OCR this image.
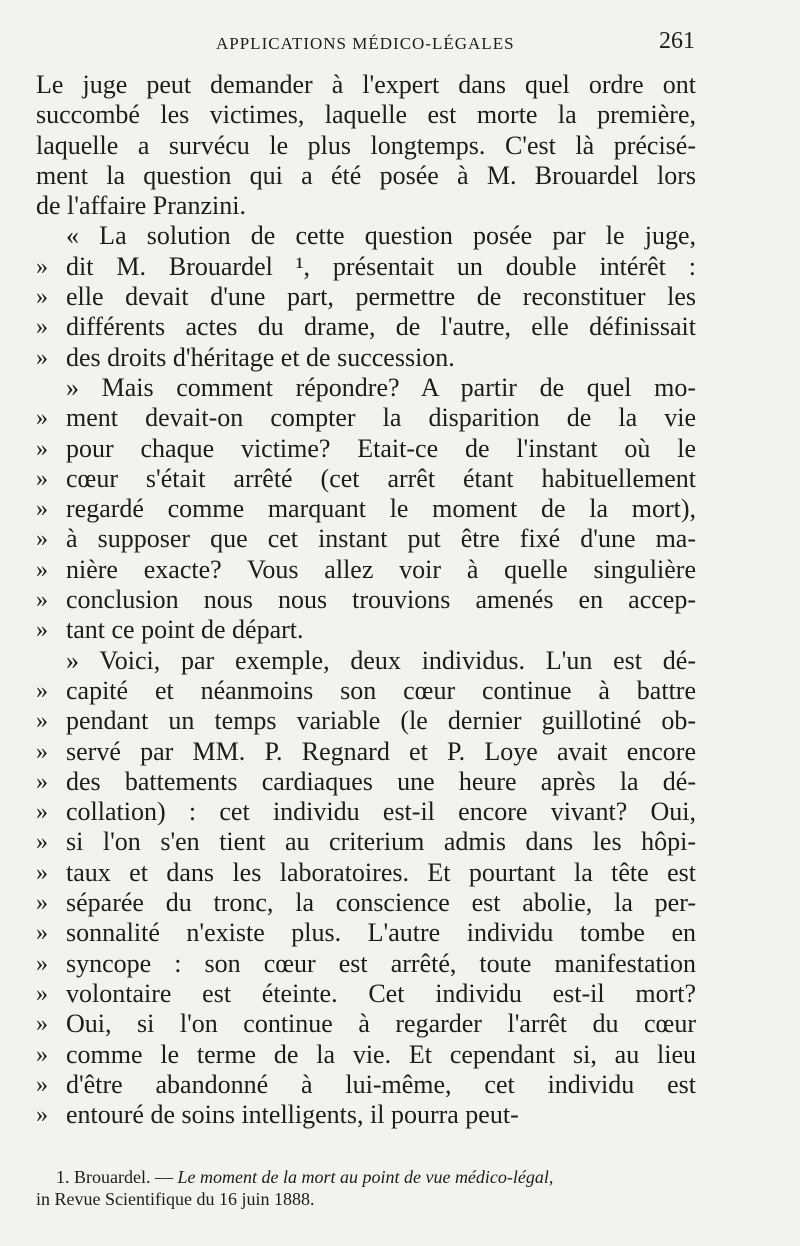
APPLICATIONS MÉDICO-LÉGALES	261
Le juge peut demander à l'expert dans quel ordre ont
succombé les victimes, laquelle est morte la première,
laquelle a survécu le plus longtemps. C'est là précisé-
ment la question qui a été posée à M. Brouardel lors
de l'affaire Pranzini.
« La solution de cette question posée par le juge,
» dit M. Brouardel ¹, présentait un double intérêt :
» elle devait d'une part, permettre de reconstituer les
» différents actes du drame, de l'autre, elle définissait
» des droits d'héritage et de succession.
» Mais comment répondre? A partir de quel mo-
» ment devait-on compter la disparition de la vie
» pour chaque victime? Etait-ce de l'instant où le
» cœur s'était arrêté (cet arrêt étant habituellement
» regardé comme marquant le moment de la mort),
» à supposer que cet instant put être fixé d'une ma-
» nière exacte? Vous allez voir à quelle singulière
» conclusion nous nous trouvions amenés en accep-
» tant ce point de départ.
» Voici, par exemple, deux individus. L'un est dé-
» capité et néanmoins son cœur continue à battre
» pendant un temps variable (le dernier guillotiné ob-
» servé par MM. P. Regnard et P. Loye avait encore
» des battements cardiaques une heure après la dé-
» collation) : cet individu est-il encore vivant? Oui,
» si l'on s'en tient au criterium admis dans les hôpi-
» taux et dans les laboratoires. Et pourtant la tête est
» séparée du tronc, la conscience est abolie, la per-
» sonnalité n'existe plus. L'autre individu tombe en
» syncope : son cœur est arrêté, toute manifestation
» volontaire est éteinte. Cet individu est-il mort?
» Oui, si l'on continue à regarder l'arrêt du cœur
» comme le terme de la vie. Et cependant si, au lieu
» d'être abandonné à lui-même, cet individu est
» entouré de soins intelligents, il pourra peut-
1. Brouardel. — Le moment de la mort au point de vue médico-légal,
in Revue Scientifique du 16 juin 1888.
